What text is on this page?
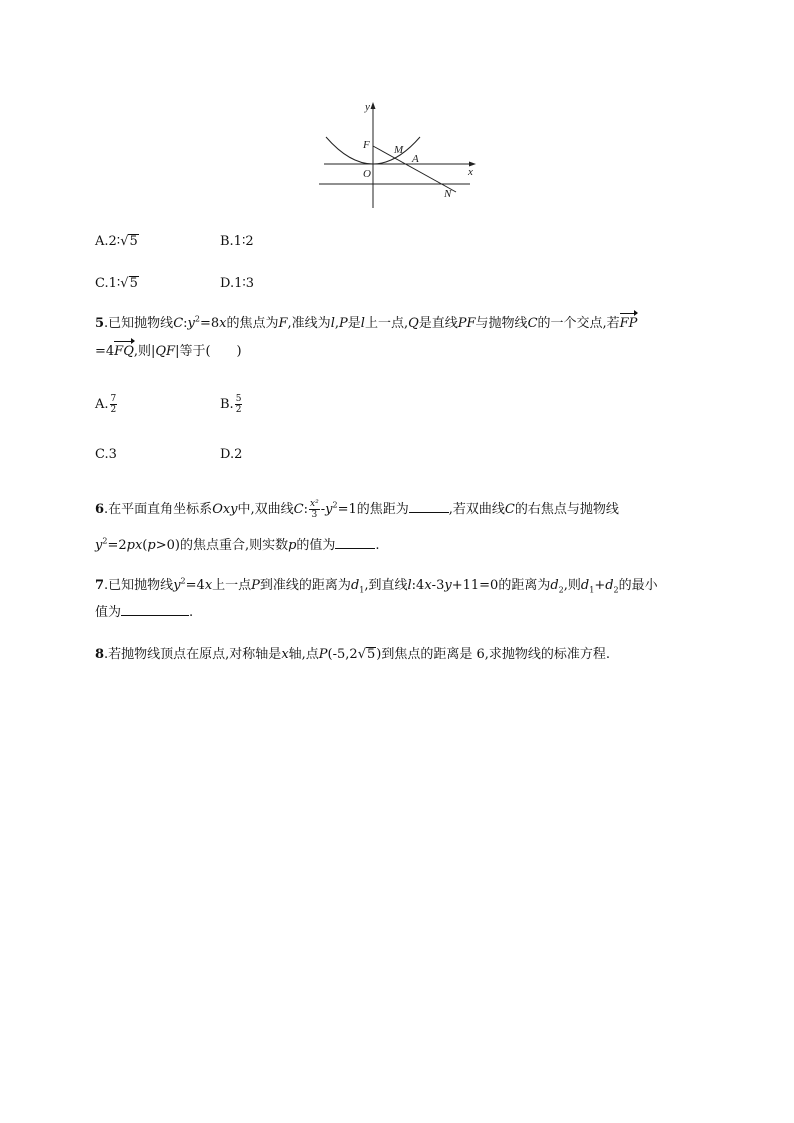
y
x
F M
A
O
N
A.2∶√5	B.1∶2
C.1∶√5	D.1∶3
5.已知抛物线$C:y^2=8x$的焦点为F,准线为l,P是l上一点,Q是直线PF与抛物线C的一个交点,若FP
=4FQ,则|QF|等于(　　)
A. $\frac{7}{2}$	B. $\frac{5}{2}$
C.3	D.2
6.在平面直角坐标系Oxy中,双曲线C: $\frac{\text{x²}}{3} -y^2=1$的焦距为	,若双曲线C的右焦点与抛物线
$y^2=2px(p>0)$的焦点重合,则实数p的值为	.
7.已知抛物线$y^2=4x$上一点P到准线的距离为$d_1$,到直线l:4x-3y+11=0的距离为$d_2$,则$d_1+d_2$的最小
值为	.
8.若抛物线顶点在原点,对称轴是x轴,点P(-5,2√5)到焦点的距离是 6,求抛物线的标准方程.
